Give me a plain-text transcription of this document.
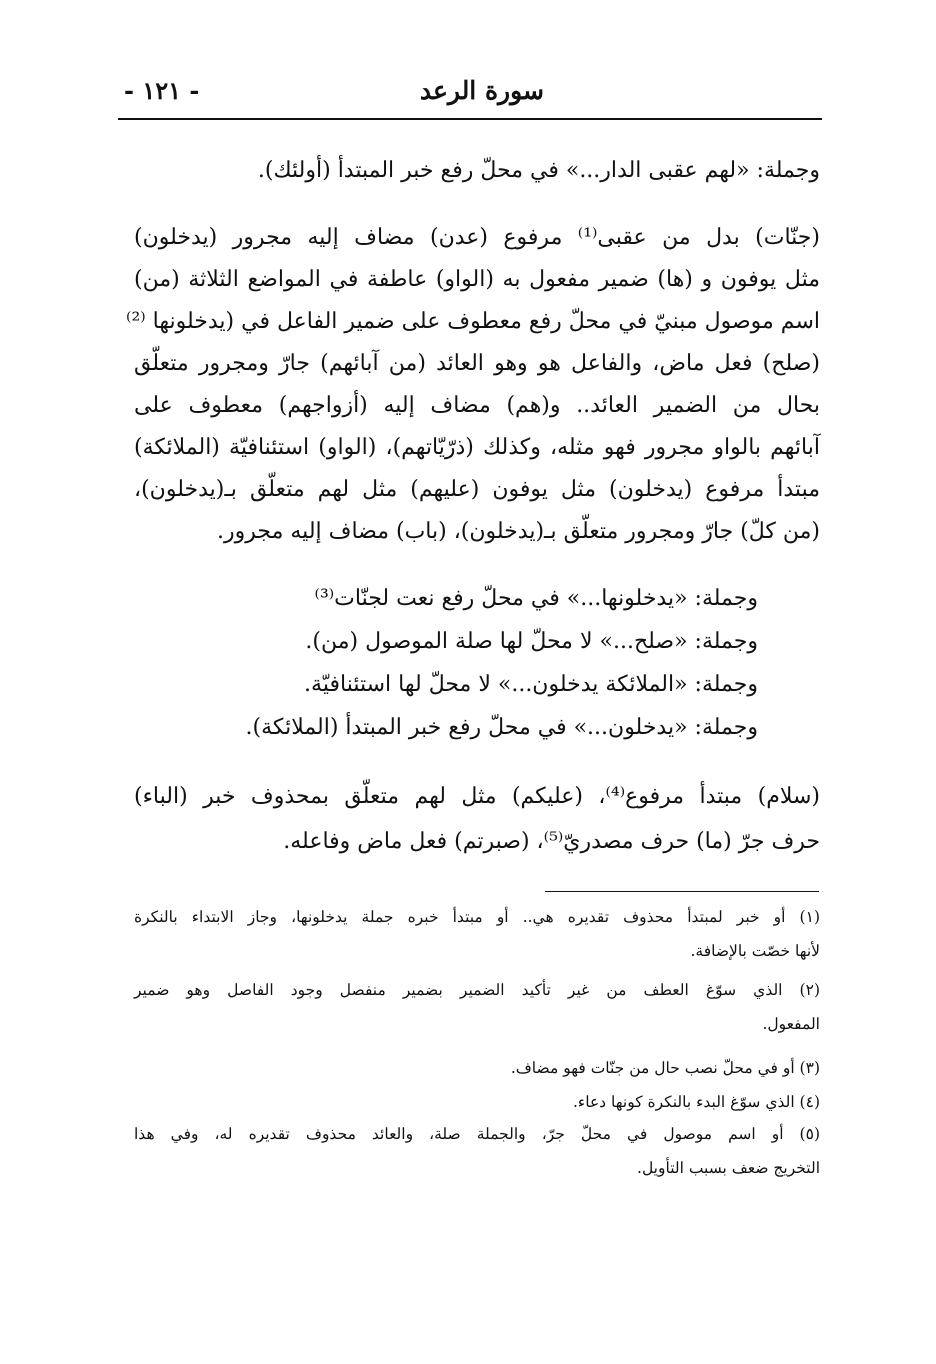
سورة الرعد
- ١٢١ -
وجملة: «لهم عقبى الدار...» في محلّ رفع خبر المبتدأ (أولئك).
(جنّات) بدل من عقبى⁽¹⁾ مرفوع (عدن) مضاف إليه مجرور (يدخلون)
مثل يوفون و (ها) ضمير مفعول به (الواو) عاطفة في المواضع الثلاثة (من)
اسم موصول مبنيّ في محلّ رفع معطوف على ضمير الفاعل في (يدخلونها ⁽²⁾
(صلح) فعل ماض، والفاعل هو وهو العائد (من آبائهم) جارّ ومجرور متعلّق
بحال من الضمير العائد.. و(هم) مضاف إليه (أزواجهم) معطوف على
آبائهم بالواو مجرور فهو مثله، وكذلك (ذرّيّاتهم)، (الواو) استئنافيّة (الملائكة)
مبتدأ مرفوع (يدخلون) مثل يوفون (عليهم) مثل لهم متعلّق بـ(يدخلون)،
(من كلّ) جارّ ومجرور متعلّق بـ(يدخلون)، (باب) مضاف إليه مجرور.
وجملة: «يدخلونها...» في محلّ رفع نعت لجنّات⁽³⁾
وجملة: «صلح...» لا محلّ لها صلة الموصول (من).
وجملة: «الملائكة يدخلون...» لا محلّ لها استئنافيّة.
وجملة: «يدخلون...» في محلّ رفع خبر المبتدأ (الملائكة).
(سلام) مبتدأ مرفوع⁽⁴⁾، (عليكم) مثل لهم متعلّق بمحذوف خبر (الباء)
حرف جرّ (ما) حرف مصدريّ⁽⁵⁾، (صبرتم) فعل ماض وفاعله.
(١) أو خبر لمبتدأ محذوف تقديره هي.. أو مبتدأ خبره جملة يدخلونها، وجاز الابتداء بالنكرة
لأنها خصّت بالإضافة.
(٢) الذي سوّغ العطف من غير تأكيد الضمير بضمير منفصل وجود الفاصل وهو ضمير
المفعول.
(٣) أو في محلّ نصب حال من جنّات فهو مضاف.
(٤) الذي سوّغ البدء بالنكرة كونها دعاء.
(٥) أو اسم موصول في محلّ جرّ، والجملة صلة، والعائد محذوف تقديره له، وفي هذا
التخريج ضعف بسبب التأويل.
